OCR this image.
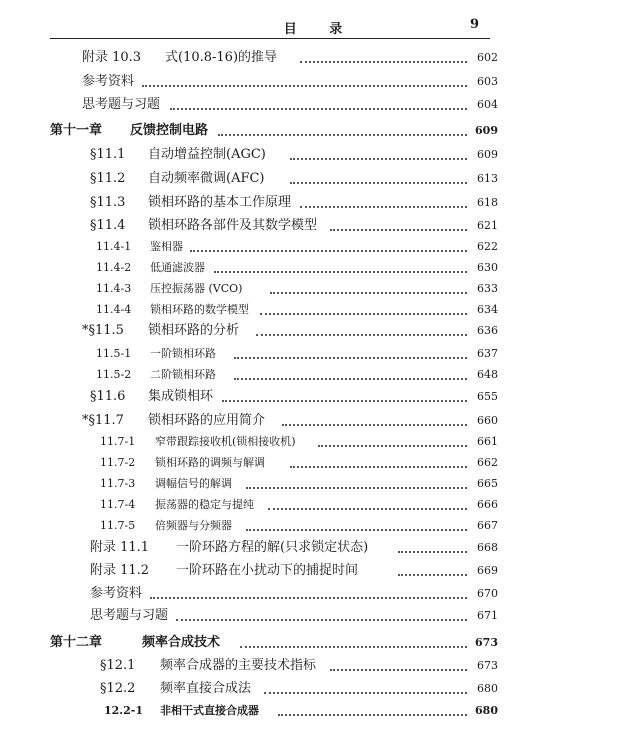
目 录	9
附录 10.3 式(10.8-16)的推导	602
参考资料	603
思考题与习题	604
第十一章 反馈控制电路	609
§11.1 自动增益控制(AGC)	609
§11.2 自动频率微调(AFC)	613
§11.3 锁相环路的基本工作原理	618
§11.4 锁相环路各部件及其数学模型	621
11.4-1 鉴相器	622
11.4-2 低通滤波器	630
11.4-3 压控振荡器 (VCO)	633
11.4-4 锁相环路的数学模型	634
*§11.5 锁相环路的分析	636
11.5-1 一阶锁相环路	637
11.5-2 二阶锁相环路	648
§11.6 集成锁相环	655
*§11.7 锁相环路的应用简介	660
11.7-1 窄带跟踪接收机(锁相接收机)	661
11.7-2 锁相环路的调频与解调	662
11.7-3 调幅信号的解调	665
11.7-4 振荡器的稳定与提纯	666
11.7-5 倍频器与分频器	667
附录 11.1 一阶环路方程的解(只求锁定状态)	668
附录 11.2 一阶环路在小扰动下的捕捉时间	669
参考资料	670
思考题与习题	671
第十二章	频率合成技术	673
§12.1 频率合成器的主要技术指标	673
§12.2 频率直接合成法	680
12.2-1 非相干式直接合成器	680
